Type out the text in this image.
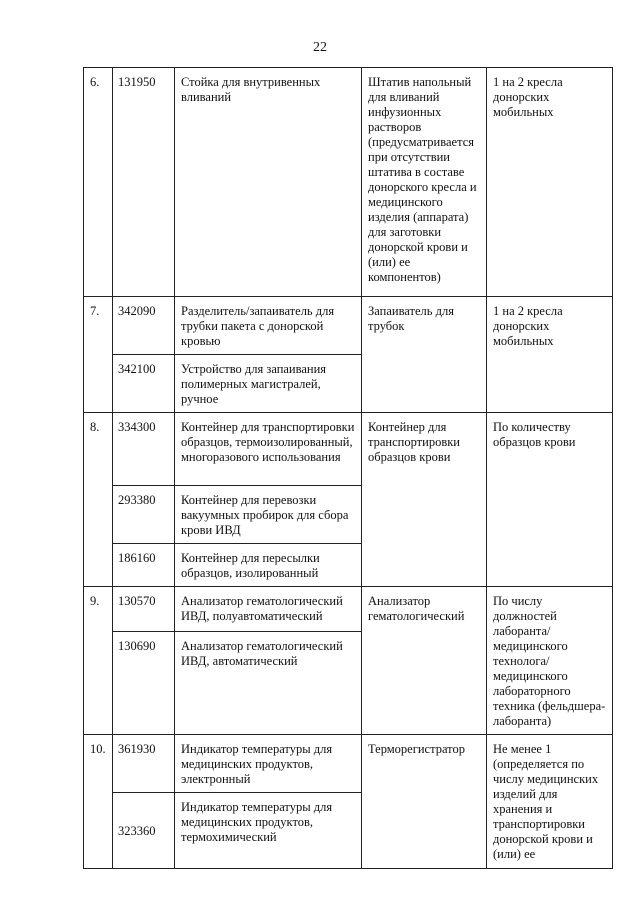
22
6.	131950	Стойка для внутривенных вливаний	Штатив напольный для вливаний инфузионных растворов (предусматривается при отсутствии штатива в составе донорского кресла и медицинского изделия (аппарата) для заготовки донорской крови и (или) ее компонентов)	1 на 2 кресла донорских мобильных
7.	342090	Разделитель/запаиватель для трубки пакета с донорской кровью	Запаиватель для трубок	1 на 2 кресла донорских мобильных
	342100	Устройство для запаивания полимерных магистралей, ручное		
8.	334300	Контейнер для транспортировки образцов, термоизолированный, многоразового использования	Контейнер для транспортировки образцов крови	По количеству образцов крови
	293380	Контейнер для перевозки вакуумных пробирок для сбора крови ИВД		
	186160	Контейнер для пересылки образцов, изолированный		
9.	130570	Анализатор гематологический ИВД, полуавтоматический	Анализатор гематологический	По числу должностей лаборанта/ медицинского технолога/ медицинского лабораторного техника (фельдшера-лаборанта)
	130690	Анализатор гематологический ИВД, автоматический		
10.	361930	Индикатор температуры для медицинских продуктов, электронный	Терморегистратор	Не менее 1 (определяется по числу медицинских изделий для хранения и транспортировки донорской крови и (или) ее
	323360	Индикатор температуры для медицинских продуктов, термохимический		
